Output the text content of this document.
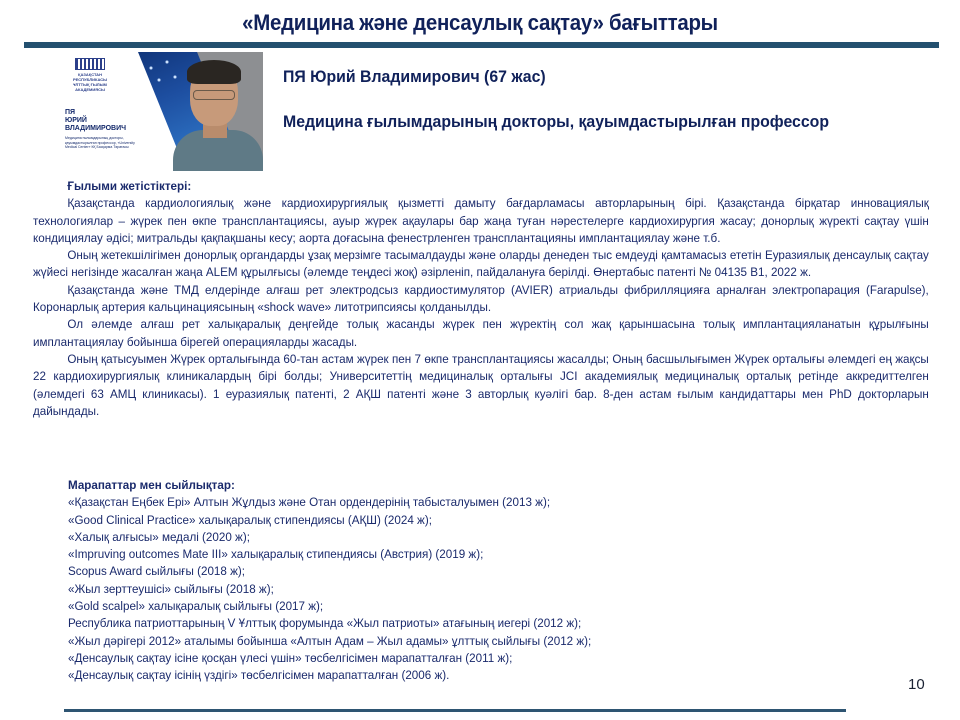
«Медицина және денсаулық сақтау» бағыттары
ҚАЗАҚСТАН РЕСПУБЛИКАСЫ ҰЛТТЫҚ ҒЫЛЫМ АКАДЕМИЯСЫ
ПЯ
ЮРИЙ
ВЛАДИМИРОВИЧ
Медицина ғылымдарының докторы, қауымдастырылған профессор, «University Medical Center» КҚ Басқарма Төрағасы
ПЯ Юрий Владимирович (67 жас)
Медицина ғылымдарының докторы, қауымдастырылған профессор
Ғылыми жетістіктері:

Қазақстанда кардиологиялық және кардиохирургиялық қызметті дамыту бағдарламасы авторларының бірі. Қазақстанда бірқатар инновациялық технологиялар – жүрек пен өкпе трансплантациясы, ауыр жүрек ақаулары бар жаңа туған нәрестелерге кардиохирургия жасау; донорлық жүректі сақтау үшін кондициялау әдісі; митральды қақпақшаны кесу; аорта доғасына фенестрленген трансплантацияны имплантациялау және т.б.

Оның жетекшілігімен донорлық органдарды ұзақ мерзімге тасымалдауды және оларды денеден тыс емдеуді қамтамасыз ететін Еуразиялық денсаулық сақтау жүйесі негізінде жасалған жаңа ALEM құрылғысы (әлемде теңдесі жоқ) әзірленіп, пайдалануға берілді. Өнертабыс патенті № 04135 B1, 2022 ж.

Қазақстанда және ТМД елдерінде алғаш рет электродсыз кардиостимулятор (AVIER) атриальды фибрилляцияға арналған электропарация (Farapulse), Коронарлық артерия кальцинациясының «shock wave» литотрипсиясы қолданылды.

Ол әлемде алғаш рет халықаралық деңгейде толық жасанды жүрек пен жүректің сол жақ қарыншасына толық имплантацияланатын құрылғыны имплантациялау бойынша бірегей операцияларды жасады.

Оның қатысуымен Жүрек орталығында 60-тан астам жүрек пен 7 өкпе трансплантациясы жасалды; Оның басшылығымен Жүрек орталығы әлемдегі ең жақсы 22 кардиохирургиялық клиникалардың бірі болды; Университеттің медициналық орталығы JCI академиялық медициналық орталық ретінде аккредиттелген (әлемдегі 63 АМЦ клиникасы). 1 еуразиялық патенті, 2 АҚШ патенті және 3 авторлық куәлігі бар. 8-ден астам ғылым кандидаттары мен PhD докторларын дайындады.

Марапаттар мен сыйлықтар:
«Қазақстан Еңбек Ері» Алтын Жұлдыз және Отан ордендерінің табысталуымен (2013 ж);
«Good Clinical Practice» халықаралық стипендиясы (АҚШ) (2024 ж);
«Халық алғысы» медалі (2020 ж);
«Impruving outcomes Mate III» халықаралық стипендиясы (Австрия) (2019 ж);
Scopus Award сыйлығы (2018 ж);
«Жыл зерттеушісі» сыйлығы (2018 ж);
«Gold scalpel» халықаралық сыйлығы (2017 ж);
Республика патриоттарының V Ұлттық форумында «Жыл патриоты» атағының иегері (2012 ж);
«Жыл дәрігері 2012» аталымы бойынша «Алтын Адам – Жыл адамы» ұлттық сыйлығы (2012 ж);
«Денсаулық сақтау ісіне қосқан үлесі үшін» төсбелгісімен марапатталған (2011 ж);
«Денсаулық сақтау ісінің үздігі» төсбелгісімен марапатталған (2006 ж).
10
